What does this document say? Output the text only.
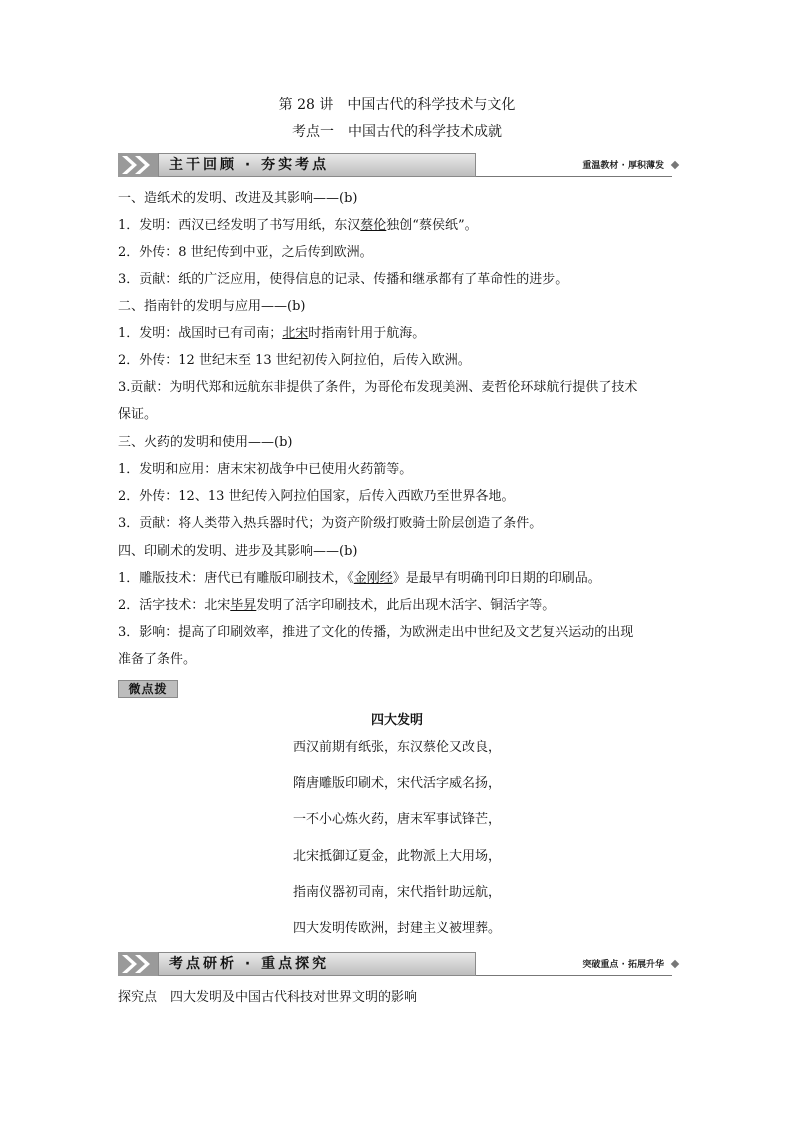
第 28 讲　中国古代的科学技术与文化
考点一　中国古代的科学技术成就
主干回顾 · 夯实考点	重温教材 · 厚积薄发
一、造纸术的发明、改进及其影响——(b)
1．发明：西汉已经发明了书写用纸，东汉蔡伦独创“蔡侯纸”。
2．外传：8 世纪传到中亚，之后传到欧洲。
3．贡献：纸的广泛应用，使得信息的记录、传播和继承都有了革命性的进步。
二、指南针的发明与应用——(b)
1．发明：战国时已有司南；北宋时指南针用于航海。
2．外传：12 世纪末至 13 世纪初传入阿拉伯，后传入欧洲。
3.贡献：为明代郑和远航东非提供了条件，为哥伦布发现美洲、麦哲伦环球航行提供了技术
保证。
三、火药的发明和使用——(b)
1．发明和应用：唐末宋初战争中已使用火药箭等。
2．外传：12、13 世纪传入阿拉伯国家，后传入西欧乃至世界各地。
3．贡献：将人类带入热兵器时代；为资产阶级打败骑士阶层创造了条件。
四、印刷术的发明、进步及其影响——(b)
1．雕版技术：唐代已有雕版印刷技术，《金刚经》是最早有明确刊印日期的印刷品。
2．活字技术：北宋毕昇发明了活字印刷技术，此后出现木活字、铜活字等。
3．影响：提高了印刷效率，推进了文化的传播，为欧洲走出中世纪及文艺复兴运动的出现
准备了条件。
微点拨
四大发明
西汉前期有纸张，东汉蔡伦又改良，
隋唐雕版印刷术，宋代活字威名扬，
一不小心炼火药，唐末军事试锋芒，
北宋抵御辽夏金，此物派上大用场，
指南仪器初司南，宋代指针助远航，
四大发明传欧洲，封建主义被埋葬。
考点研析 · 重点探究	突破重点 · 拓展升华
探究点　四大发明及中国古代科技对世界文明的影响
